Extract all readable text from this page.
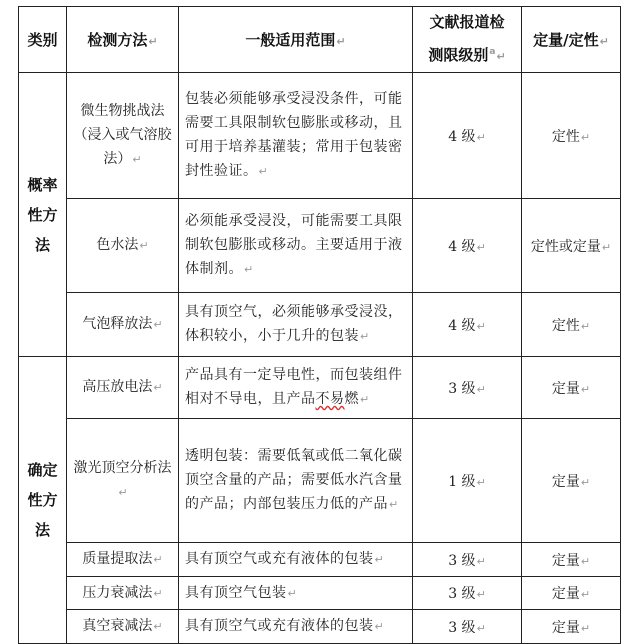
类别	检测方法↵	一般适用范围↵	文献报道检
测限级别$^a$↵	定量/定性↵
概率性方法	微生物挑战法（浸入或气溶胶法）↵	包装必须能够承受浸没条件，可能需要工具限制软包膨胀或移动，且可用于培养基灌装；常用于包装密封性验证。↵	4 级↵	定性↵
	色水法↵	必须能承受浸没，可能需要工具限制软包膨胀或移动。主要适用于液体制剂。↵	4 级↵	定性或定量↵
	气泡释放法↵	具有顶空气，必须能够承受浸没，体积较小，小于几升的包装↵	4 级↵	定性↵
确定性方法	高压放电法↵	产品具有一定导电性，而包装组件相对不导电，且产品不易燃↵	3 级↵	定量↵
	激光顶空分析法↵	透明包装：需要低氧或低二氧化碳顶空含量的产品；需要低水汽含量的产品；内部包装压力低的产品↵	1 级↵	定量↵
	质量提取法↵	具有顶空气或充有液体的包装↵	3 级↵	定量↵
	压力衰减法↵	具有顶空气包装↵	3 级↵	定量↵
	真空衰减法↵	具有顶空气或充有液体的包装↵	3 级↵	定量↵
